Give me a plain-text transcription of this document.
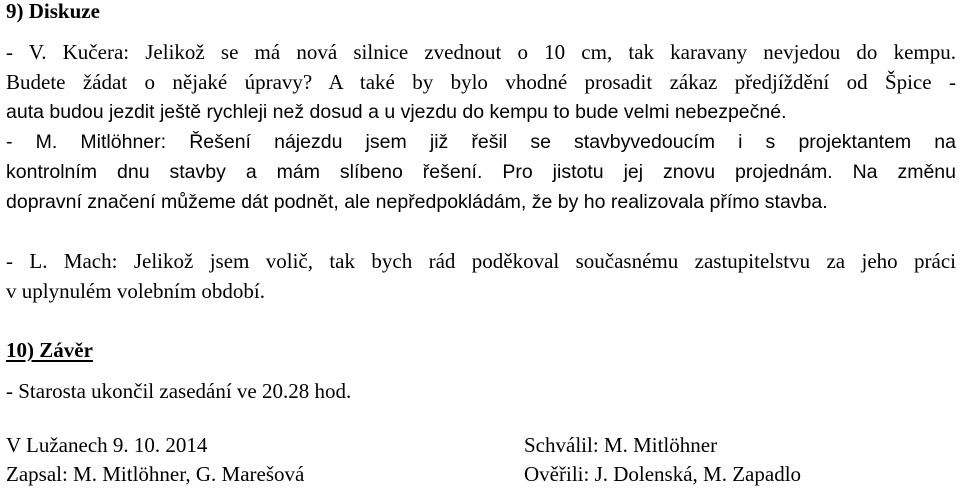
9) Diskuze
- V. Kučera: Jelikož se má nová silnice zvednout o 10 cm, tak karavany nevjedou do kempu.
Budete žádat o nějaké úpravy? A také by bylo vhodné prosadit zákaz předjíždění od Špice -
auta budou jezdit ještě rychleji než dosud a u vjezdu do kempu to bude velmi nebezpečné.
- M. Mitlöhner: Řešení nájezdu jsem již řešil se stavbyvedoucím i s projektantem na
kontrolním dnu stavby a mám slíbeno řešení. Pro jistotu jej znovu projednám. Na změnu
dopravní značení můžeme dát podnět, ale nepředpokládám, že by ho realizovala přímo stavba.
- L. Mach: Jelikož jsem volič, tak bych rád poděkoval současnému zastupitelstvu za jeho práci
v uplynulém volebním období.
10) Závěr
- Starosta ukončil zasedání ve 20.28 hod.
V Lužanech 9. 10. 2014
Zapsal: M. Mitlöhner, G. Marešová
Schválil: M. Mitlöhner
Ověřili: J. Dolenská, M. Zapadlo
